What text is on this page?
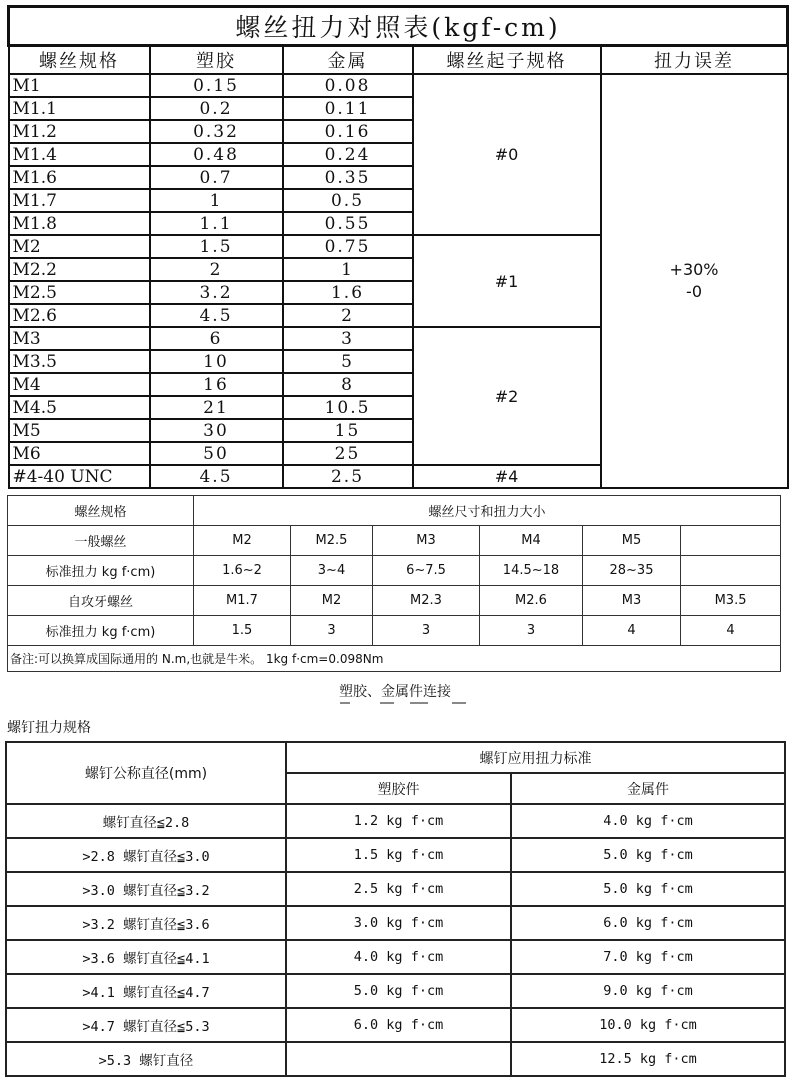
螺丝扭力对照表(kgf-cm)				
螺丝规格	塑胶	金属	螺丝起子规格	扭力误差
M1	0.15	0.08	#0	+30%
-0

M1.1	0.2	0.11		
M1.2	0.32	0.16		
M1.4	0.48	0.24		
M1.6	0.7	0.35		
M1.7	1	0.5		
M1.8	1.1	0.55		
M2	1.5	0.75	#1	
M2.2	2	1		
M2.5	3.2	1.6		
M2.6	4.5	2		
M3	6	3	#2	
M3.5	10	5		
M4	16	8		
M4.5	21	10.5		
M5	30	15		
M6	50	25		
#4-40 UNC	4.5	2.5	#4	
螺丝规格	螺丝尺寸和扭力大小					
一般螺丝	M2	M2.5	M3	M4	M5	
标准扭力 kg f·cm)	1.6~2	3~4	6~7.5	14.5~18	28~35	
自攻牙螺丝	M1.7	M2	M2.3	M2.6	M3	M3.5
标准扭力 kg f·cm)	1.5	3	3	3	4	4
备注:可以换算成国际通用的 N.m,也就是牛米。 1kg f·cm=0.098Nm						
塑胶、金属件连接
螺钉扭力规格
螺钉公称直径(mm)	螺钉应用扭力标准	
	塑胶件	金属件
螺钉直径≦2.8	1.2 kg f·cm	4.0 kg f·cm
>2.8 螺钉直径≦3.0	1.5 kg f·cm	5.0 kg f·cm
>3.0 螺钉直径≦3.2	2.5 kg f·cm	5.0 kg f·cm
>3.2 螺钉直径≦3.6	3.0 kg f·cm	6.0 kg f·cm
>3.6 螺钉直径≦4.1	4.0 kg f·cm	7.0 kg f·cm
>4.1 螺钉直径≦4.7	5.0 kg f·cm	9.0 kg f·cm
>4.7 螺钉直径≦5.3	6.0 kg f·cm	10.0 kg f·cm
>5.3 螺钉直径		12.5 kg f·cm
